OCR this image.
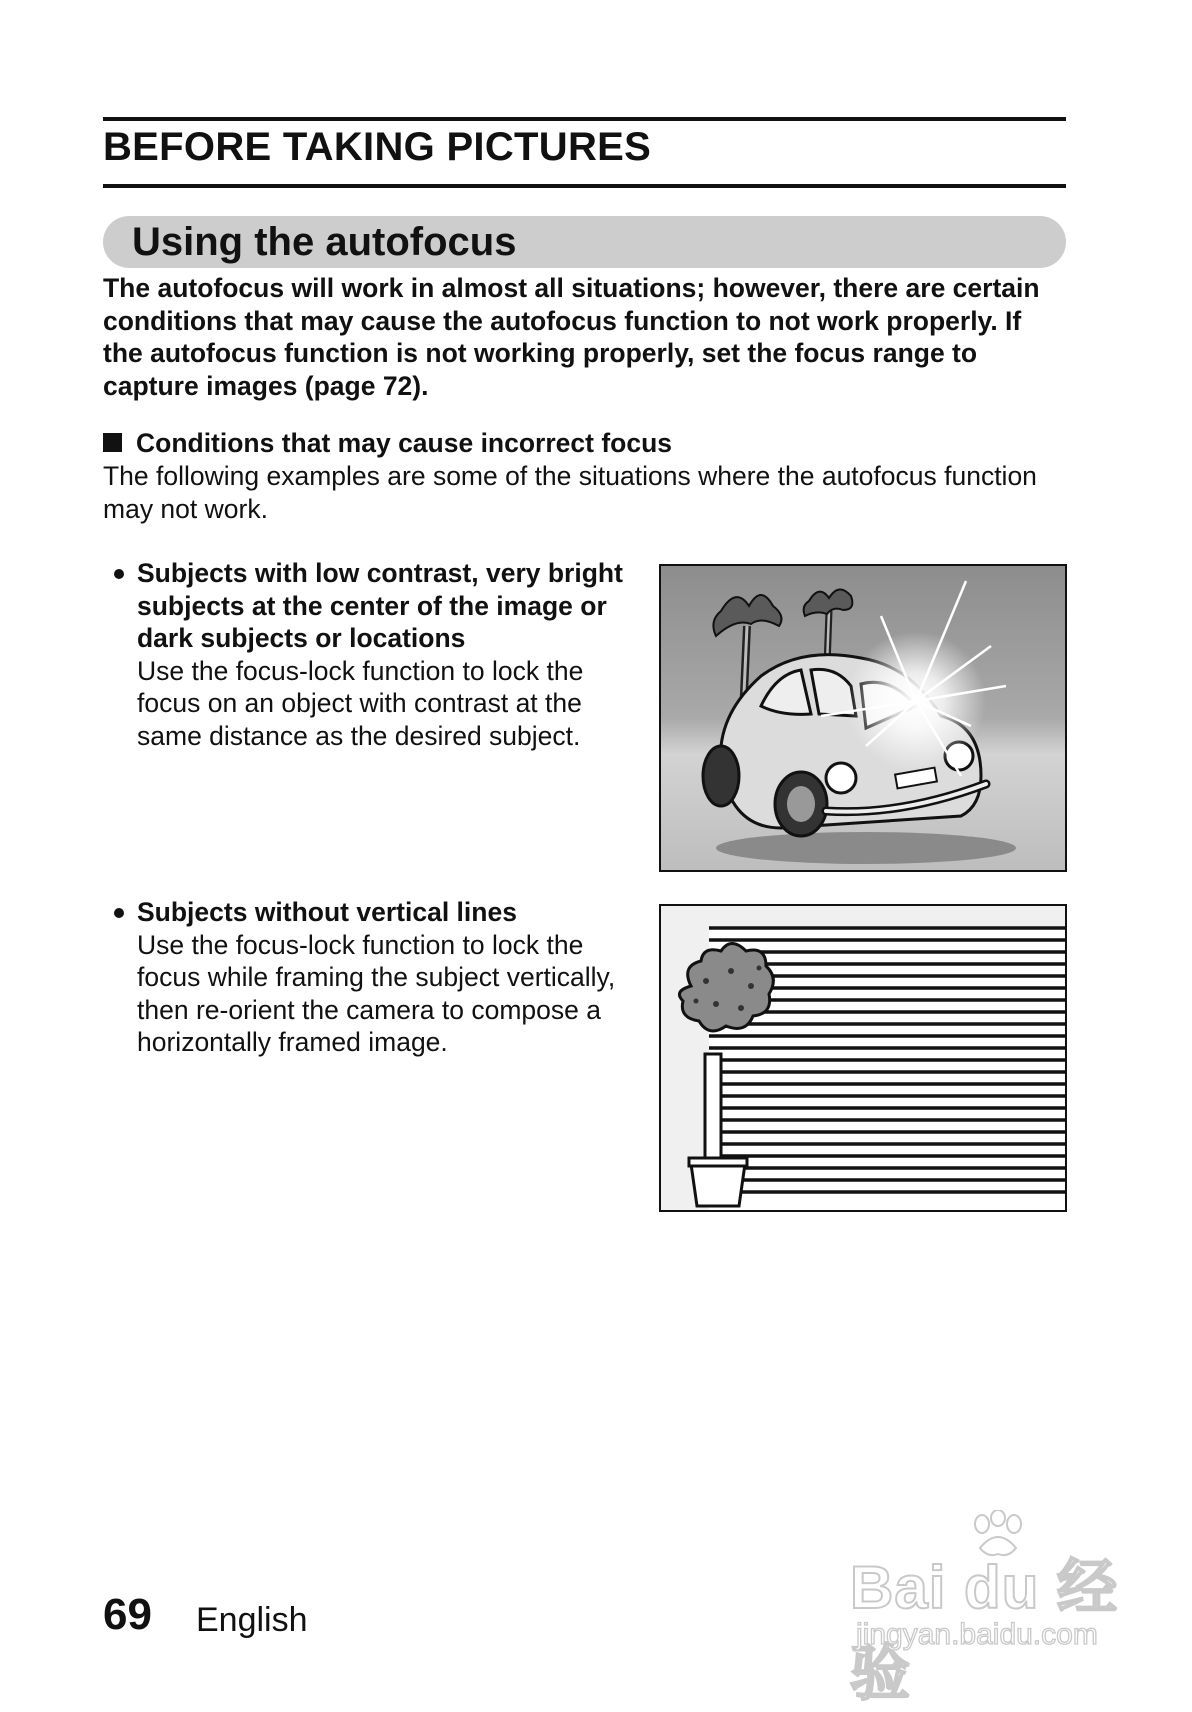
BEFORE TAKING PICTURES
Using the autofocus
The autofocus will work in almost all situations; however, there are certain conditions that may cause the autofocus function to not work properly. If the autofocus function is not working properly, set the focus range to capture images (page 72).
Conditions that may cause incorrect focus
The following examples are some of the situations where the autofocus function may not work.
Subjects with low contrast, very bright subjects at the center of the image or dark subjects or locations
Use the focus-lock function to lock the focus on an object with contrast at the same distance as the desired subject.
Subjects without vertical lines
Use the focus-lock function to lock the focus while framing the subject vertically, then re-orient the camera to compose a horizontally framed image.
69 English	Bai du 经验
jingyan.baidu.com
